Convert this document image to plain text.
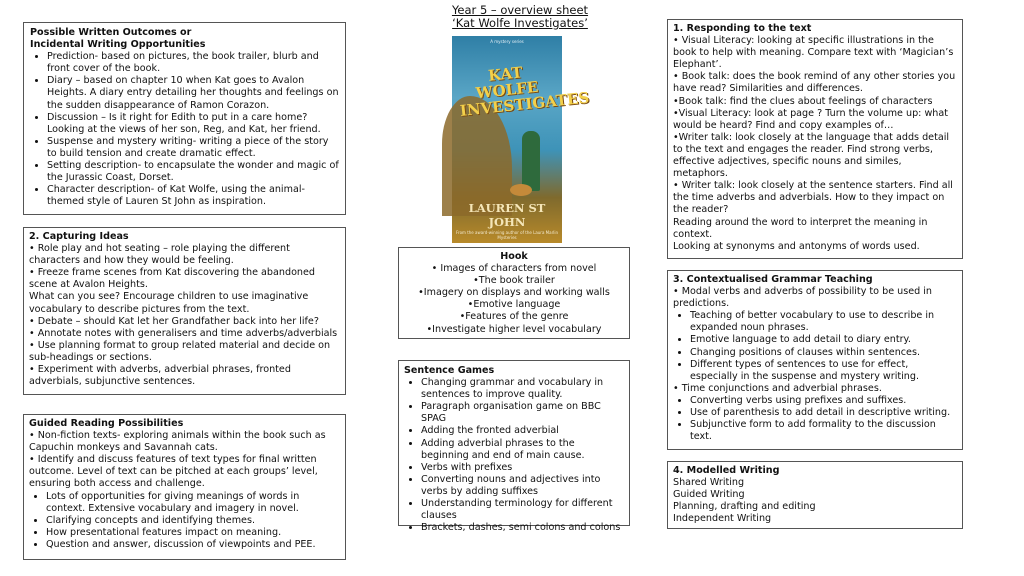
Year 5 – overview sheet
‘Kat Wolfe Investigates’
A mystery series
KAT WOLFE INVESTIGATES
LAUREN ST JOHN
From the award-winning author of the Laura Marlin Mysteries

Possible Written Outcomes or

Incidental Writing Opportunities

• Prediction- based on pictures, the book trailer, blurb and front cover of the book.
• Diary – based on chapter 10 when Kat goes to Avalon Heights. A diary entry detailing her thoughts and feelings on the sudden disappearance of Ramon Corazon.
• Discussion – Is it right for Edith to put in a care home? Looking at the views of her son, Reg, and Kat, her friend.
• Suspense and mystery writing- writing a piece of the story to build tension and create dramatic effect.
• Setting description- to encapsulate the wonder and magic of the Jurassic Coast, Dorset.
• Character description- of Kat Wolfe, using the animal-themed style of Lauren St John as inspiration.

2. Capturing Ideas

• Role play and hot seating – role playing the different characters and how they would be feeling.

• Freeze frame scenes from Kat discovering the abandoned scene at Avalon Heights.

What can you see? Encourage children to use imaginative vocabulary to describe pictures from the text.

• Debate – should Kat let her Grandfather back into her life?

• Annotate notes with generalisers and time adverbs/adverbials

• Use planning format to group related material and decide on sub-headings or sections.

• Experiment with adverbs, adverbial phrases, fronted adverbials, subjunctive sentences.

Guided Reading Possibilities

• Non-fiction texts- exploring animals within the book such as Capuchin monkeys and Savannah cats.

• Identify and discuss features of text types for final written outcome. Level of text can be pitched at each groups’ level, ensuring both access and challenge.

• Lots of opportunities for giving meanings of words in context. Extensive vocabulary and imagery in novel.
• Clarifying concepts and identifying themes.
• How presentational features impact on meaning.
• Question and answer, discussion of viewpoints and PEE.

Hook

• Images of characters from novel

•The book trailer

•Imagery on displays and working walls

•Emotive language

•Features of the genre

•Investigate higher level vocabulary

Sentence Games

• Changing grammar and vocabulary in sentences to improve quality.
• Paragraph organisation game on BBC SPAG
• Adding the fronted adverbial
• Adding adverbial phrases to the beginning and end of main cause.
• Verbs with prefixes
• Converting nouns and adjectives into verbs by adding suffixes
• Understanding terminology for different clauses
• Brackets, dashes, semi colons and colons

1. Responding to the text

• Visual Literacy: looking at specific illustrations in the book to help with meaning. Compare text with ‘Magician’s Elephant’.

• Book talk: does the book remind of any other stories you have read? Similarities and differences.

•Book talk: find the clues about feelings of characters

•Visual Literacy: look at page ? Turn the volume up: what would be heard? Find and copy examples of…

•Writer talk: look closely at the language that adds detail to the text and engages the reader. Find strong verbs, effective adjectives, specific nouns and similes, metaphors.

• Writer talk: look closely at the sentence starters. Find all the time adverbs and adverbials. How to they impact on the reader?

Reading around the word to interpret the meaning in context.

Looking at synonyms and antonyms of words used.

3. Contextualised Grammar Teaching

• Modal verbs and adverbs of possibility to be used in predictions.

• Teaching of better vocabulary to use to describe in expanded noun phrases.
• Emotive language to add detail to diary entry.
• Changing positions of clauses within sentences.
• Different types of sentences to use for effect, especially in the suspense and mystery writing.

• Time conjunctions and adverbial phrases.

• Converting verbs using prefixes and suffixes.
• Use of parenthesis to add detail in descriptive writing.
• Subjunctive form to add formality to the discussion text.

4. Modelled Writing

Shared Writing

Guided Writing

Planning, drafting and editing

Independent Writing
